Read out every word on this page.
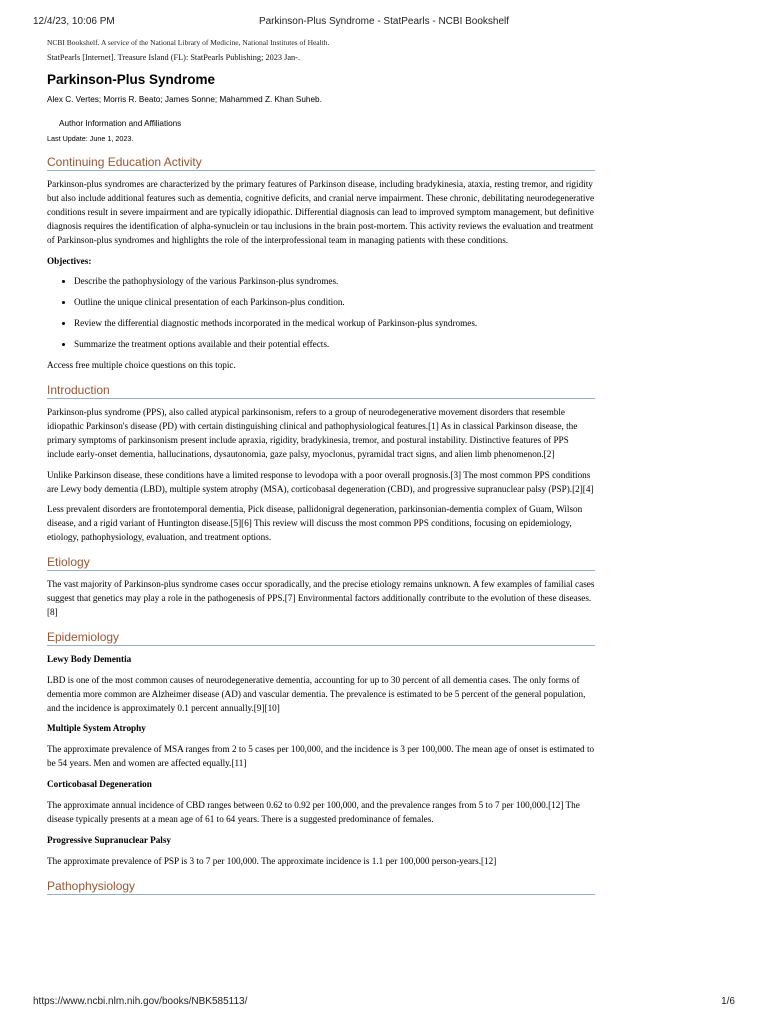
12/4/23, 10:06 PM	Parkinson-Plus Syndrome - StatPearls - NCBI Bookshelf

NCBI Bookshelf. A service of the National Library of Medicine, National Institutes of Health.

StatPearls [Internet]. Treasure Island (FL): StatPearls Publishing; 2023 Jan-.

Parkinson-Plus Syndrome

Alex C. Vertes; Morris R. Beato; James Sonne; Mahammed Z. Khan Suheb.

Author Information and Affiliations

Last Update: June 1, 2023.

Continuing Education Activity

Parkinson-plus syndromes are characterized by the primary features of Parkinson disease, including bradykinesia, ataxia, resting tremor, and rigidity but also include additional features such as dementia, cognitive deficits, and cranial nerve impairment. These chronic, debilitating neurodegenerative conditions result in severe impairment and are typically idiopathic. Differential diagnosis can lead to improved symptom management, but definitive diagnosis requires the identification of alpha-synuclein or tau inclusions in the brain post-mortem. This activity reviews the evaluation and treatment of Parkinson-plus syndromes and highlights the role of the interprofessional team in managing patients with these conditions.

Objectives:

• Describe the pathophysiology of the various Parkinson-plus syndromes.
• Outline the unique clinical presentation of each Parkinson-plus condition.
• Review the differential diagnostic methods incorporated in the medical workup of Parkinson-plus syndromes.
• Summarize the treatment options available and their potential effects.

Access free multiple choice questions on this topic.

Introduction

Parkinson-plus syndrome (PPS), also called atypical parkinsonism, refers to a group of neurodegenerative movement disorders that resemble idiopathic Parkinson's disease (PD) with certain distinguishing clinical and pathophysiological features.[1] As in classical Parkinson disease, the primary symptoms of parkinsonism present include apraxia, rigidity, bradykinesia, tremor, and postural instability. Distinctive features of PPS include early-onset dementia, hallucinations, dysautonomia, gaze palsy, myoclonus, pyramidal tract signs, and alien limb phenomenon.[2]

Unlike Parkinson disease, these conditions have a limited response to levodopa with a poor overall prognosis.[3] The most common PPS conditions are Lewy body dementia (LBD), multiple system atrophy (MSA), corticobasal degeneration (CBD), and progressive supranuclear palsy (PSP).[2][4]

Less prevalent disorders are frontotemporal dementia, Pick disease, pallidonigral degeneration, parkinsonian-dementia complex of Guam, Wilson disease, and a rigid variant of Huntington disease.[5][6] This review will discuss the most common PPS conditions, focusing on epidemiology, etiology, pathophysiology, evaluation, and treatment options.

Etiology

The vast majority of Parkinson-plus syndrome cases occur sporadically, and the precise etiology remains unknown. A few examples of familial cases suggest that genetics may play a role in the pathogenesis of PPS.[7] Environmental factors additionally contribute to the evolution of these diseases.[8]

Epidemiology

Lewy Body Dementia

LBD is one of the most common causes of neurodegenerative dementia, accounting for up to 30 percent of all dementia cases. The only forms of dementia more common are Alzheimer disease (AD) and vascular dementia. The prevalence is estimated to be 5 percent of the general population, and the incidence is approximately 0.1 percent annually.[9][10]

Multiple System Atrophy

The approximate prevalence of MSA ranges from 2 to 5 cases per 100,000, and the incidence is 3 per 100,000. The mean age of onset is estimated to be 54 years. Men and women are affected equally.[11]

Corticobasal Degeneration

The approximate annual incidence of CBD ranges between 0.62 to 0.92 per 100,000, and the prevalence ranges from 5 to 7 per 100,000.[12] The disease typically presents at a mean age of 61 to 64 years. There is a suggested predominance of females.

Progressive Supranuclear Palsy

The approximate prevalence of PSP is 3 to 7 per 100,000. The approximate incidence is 1.1 per 100,000 person-years.[12]

Pathophysiology
https://www.ncbi.nlm.nih.gov/books/NBK585113/	1/6
